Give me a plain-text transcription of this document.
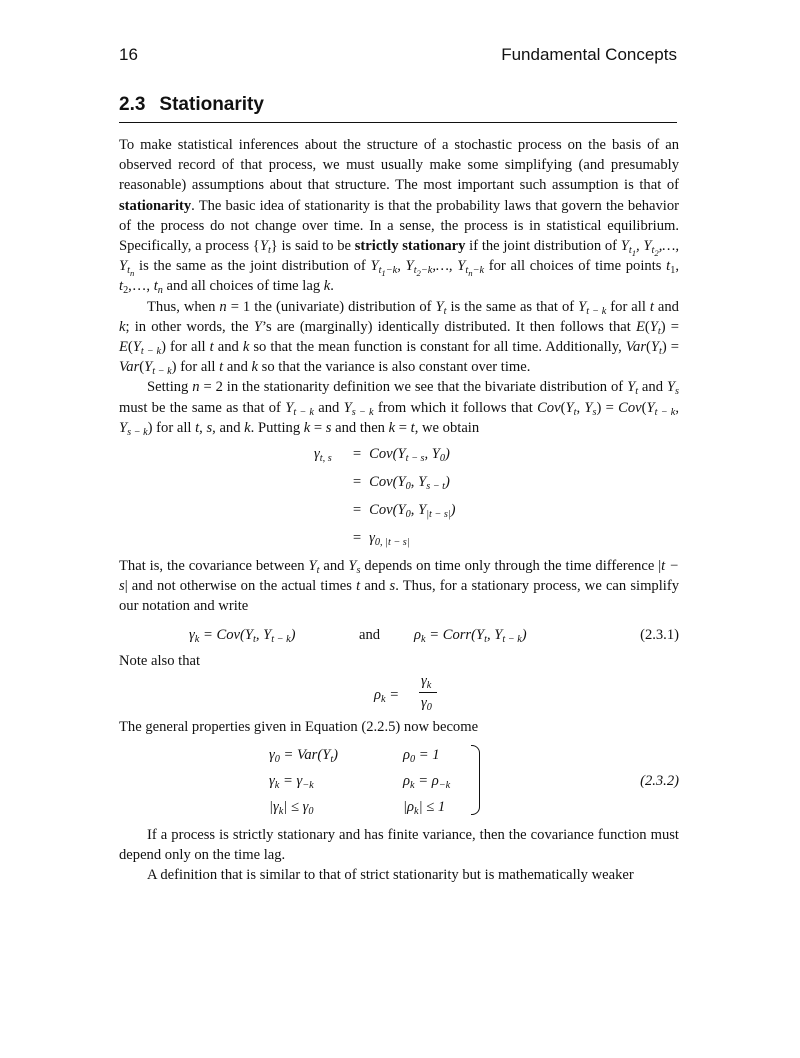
16	Fundamental Concepts
2.3 Stationarity

To make statistical inferences about the structure of a stochastic process on the basis of an observed record of that process, we must usually make some simplifying (and presumably reasonable) assumptions about that structure. The most important such assumption is that of stationarity. The basic idea of stationarity is that the probability laws that govern the behavior of the process do not change over time. In a sense, the process is in statistical equilibrium. Specifically, a process $\{Y_t\}$ is said to be strictly stationary if the joint distribution of $Y_{t_1}$, $Y_{t_2},\dots$, $Y_{t_n}$ is the same as the joint distribution of $Y_{t_1-k}$, $Y_{t_2-k},\dots$, $Y_{t_n-k}$ for all choices of time points $t_1$, $t_2,\dots$, $t_n$ and all choices of time lag k.

Thus, when n = 1 the (univariate) distribution of $Y_t$ is the same as that of $Y_{t - k}$ for all t and k; in other words, the Y’s are (marginally) identically distributed. It then follows that $E(Y_t) = E(Y_{t - k})$ for all t and k so that the mean function is constant for all time. Additionally, $Var(Y_t) = Var(Y_{t - k})$ for all t and k so that the variance is also constant over time.

Setting n = 2 in the stationarity definition we see that the bivariate distribution of $Y_t$ and $Y_s$ must be the same as that of $Y_{t - k}$ and $Y_{s - k}$ from which it follows that $Cov(Y_t$, $Y_s) = Cov(Y_{t - k}$, $Y_{s - k}$) for all t, s, and k. Putting k = s and then k = t, we obtain

$\gamma_{t, s} = Cov(Y_{t - s}$, $Y_0$)
=  $Cov(Y_0$, $Y_{s - t}$)
=  $Cov(Y_0$, $Y_{|t - s|}$)
=  $\gamma_{0, |t - s|}$

That is, the covariance between $Y_t$ and $Y_s$ depends on time only through the time difference |t − s| and not otherwise on the actual times t and s. Thus, for a stationary process, we can simplify our notation and write

$\gamma_k = Cov(Y_t$, $Y_{t - k}$)	and $\rho_k$ = $Corr(Y_t$, $Y_{t - k}$)	(2.3.1)

Note also that

$\rho_k$ =
$\gamma_k$
$\gamma_0$

The general properties given in Equation (2.2.5) now become

$\gamma_0 = Var(Y_t)$	$\rho_0 = 1$
$\gamma_k = \gamma_{-k}$	$\rho_k = \rho_{-k}$
$|\gamma_k| \le \gamma_0$	$|\rho_k| \le 1$
(2.3.2)

If a process is strictly stationary and has finite variance, then the covariance function must depend only on the time lag.

A definition that is similar to that of strict stationarity but is mathematically weaker
